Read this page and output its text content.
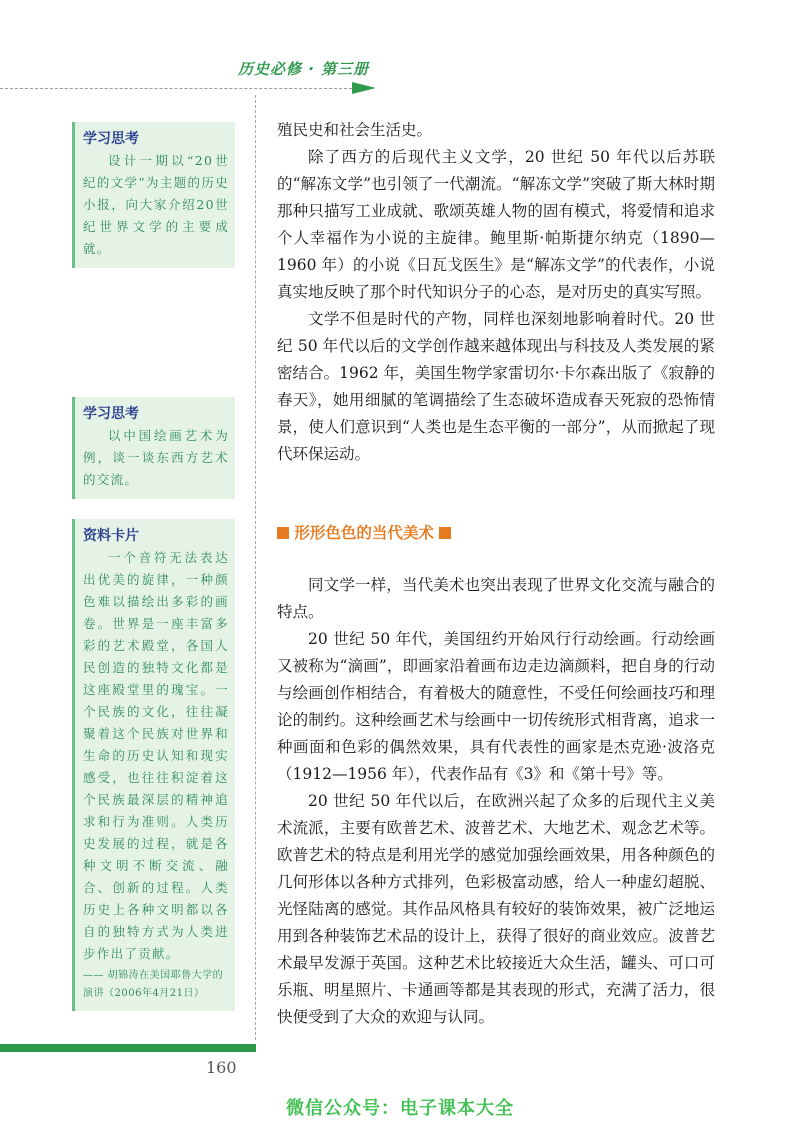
历史必修 · 第三册
学习思考
设计一期以“20世纪的文学”为主题的历史小报，向大家介绍20世纪世界文学的主要成就。
学习思考
以中国绘画艺术为例，谈一谈东西方艺术的交流。
资料卡片
一个音符无法表达出优美的旋律，一种颜色难以描绘出多彩的画卷。世界是一座丰富多彩的艺术殿堂，各国人民创造的独特文化都是这座殿堂里的瑰宝。一个民族的文化，往往凝聚着这个民族对世界和生命的历史认知和现实感受，也往往积淀着这个民族最深层的精神追求和行为准则。人类历史发展的过程，就是各种文明不断交流、融合、创新的过程。人类历史上各种文明都以各自的独特方式为人类进步作出了贡献。
—— 胡锦涛在美国耶鲁大学的演讲（2006年4月21日）

殖民史和社会生活史。

除了西方的后现代主义文学，20 世纪 50 年代以后苏联的“解冻文学”也引领了一代潮流。“解冻文学”突破了斯大林时期那种只描写工业成就、歌颂英雄人物的固有模式，将爱情和追求个人幸福作为小说的主旋律。鲍里斯·帕斯捷尔纳克（1890—1960 年）的小说《日瓦戈医生》是“解冻文学”的代表作，小说真实地反映了那个时代知识分子的心态，是对历史的真实写照。

文学不但是时代的产物，同样也深刻地影响着时代。20 世纪 50 年代以后的文学创作越来越体现出与科技及人类发展的紧密结合。1962 年，美国生物学家雷切尔·卡尔森出版了《寂静的春天》，她用细腻的笔调描绘了生态破坏造成春天死寂的恐怖情景，使人们意识到“人类也是生态平衡的一部分”，从而掀起了现代环保运动。

形形色色的当代美术

同文学一样，当代美术也突出表现了世界文化交流与融合的特点。

20 世纪 50 年代，美国纽约开始风行行动绘画。行动绘画又被称为“滴画”，即画家沿着画布边走边滴颜料，把自身的行动与绘画创作相结合，有着极大的随意性，不受任何绘画技巧和理论的制约。这种绘画艺术与绘画中一切传统形式相背离，追求一种画面和色彩的偶然效果，具有代表性的画家是杰克逊·波洛克（1912—1956 年），代表作品有《3》和《第十号》等。

20 世纪 50 年代以后，在欧洲兴起了众多的后现代主义美术流派，主要有欧普艺术、波普艺术、大地艺术、观念艺术等。欧普艺术的特点是利用光学的感觉加强绘画效果，用各种颜色的几何形体以各种方式排列，色彩极富动感，给人一种虚幻超脱、光怪陆离的感觉。其作品风格具有较好的装饰效果，被广泛地运用到各种装饰艺术品的设计上，获得了很好的商业效应。波普艺术最早发源于英国。这种艺术比较接近大众生活，罐头、可口可乐瓶、明星照片、卡通画等都是其表现的形式，充满了活力，很快便受到了大众的欢迎与认同。

160
微信公众号：电子课本大全
